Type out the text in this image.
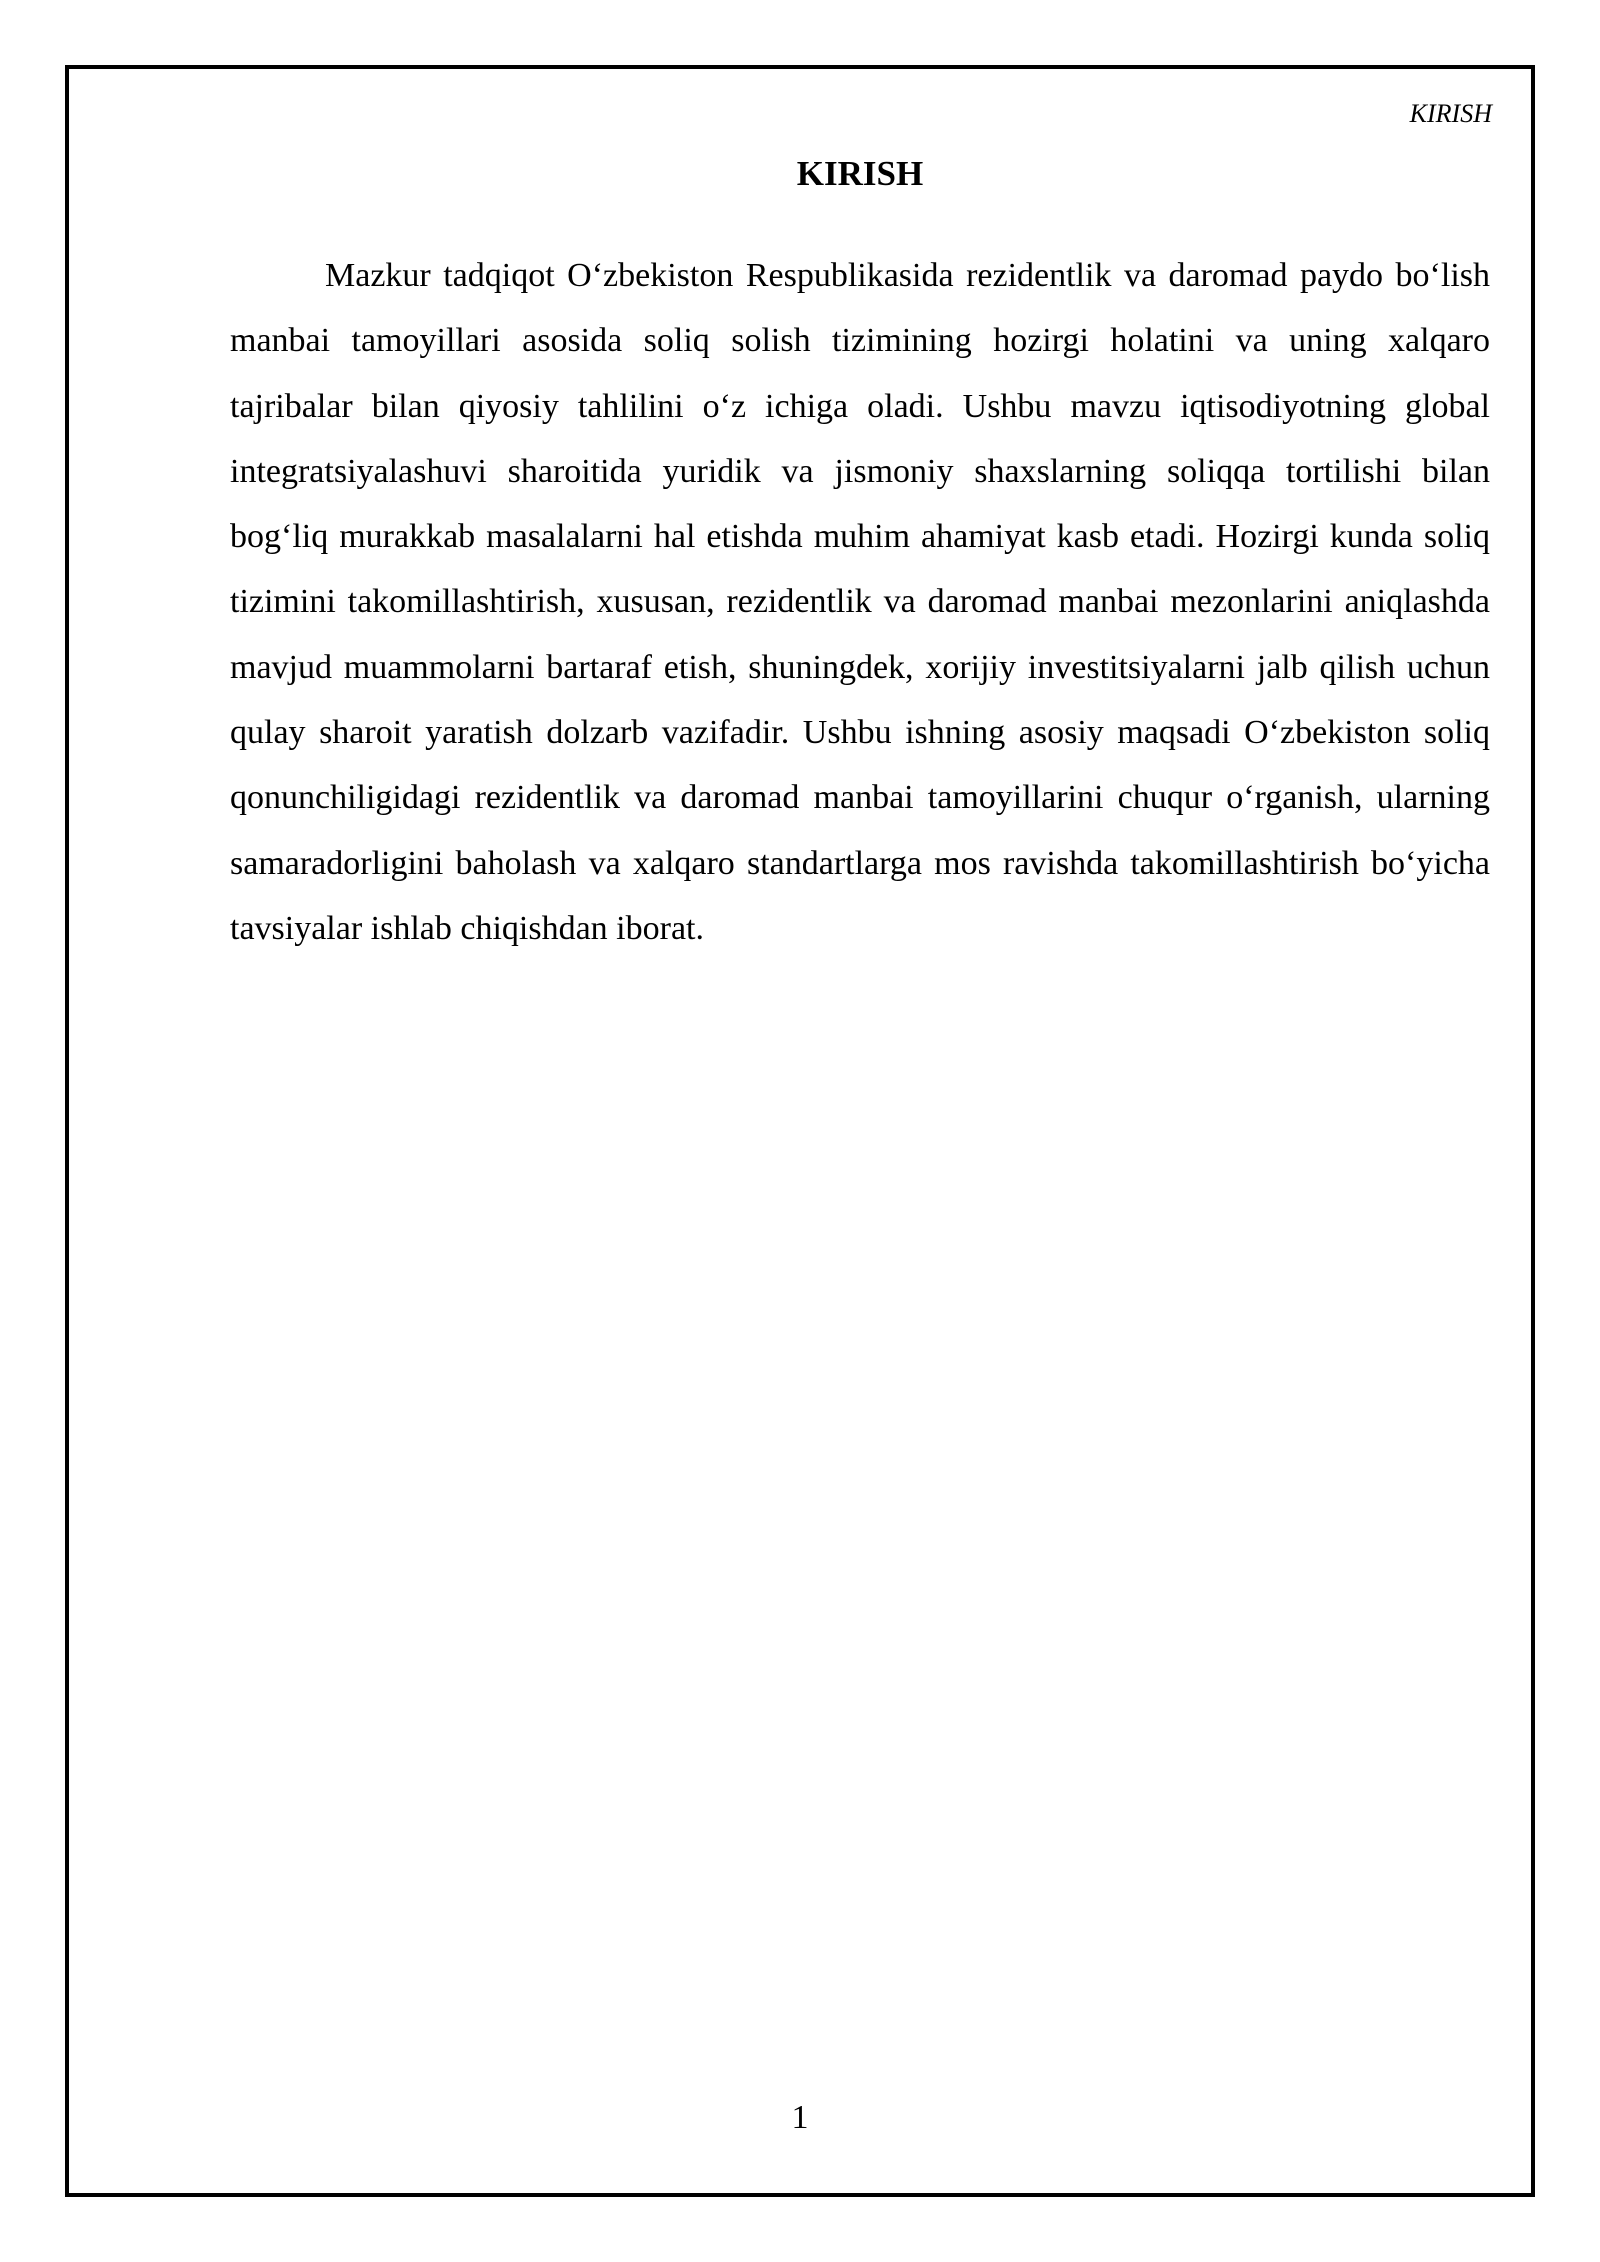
KIRISH
KIRISH

Mazkur tadqiqot O‘zbekiston Respublikasida rezidentlik va daromad paydo bo‘lish manbai tamoyillari asosida soliq solish tizimining hozirgi holatini va uning xalqaro tajribalar bilan qiyosiy tahlilini o‘z ichiga oladi. Ushbu mavzu iqtisodiyotning global integratsiyalashuvi sharoitida yuridik va jismoniy shaxslarning soliqqa tortilishi bilan bog‘liq murakkab masalalarni hal etishda muhim ahamiyat kasb etadi. Hozirgi kunda soliq tizimini takomillashtirish, xususan, rezidentlik va daromad manbai mezonlarini aniqlashda mavjud muammolarni bartaraf etish, shuningdek, xorijiy investitsiyalarni jalb qilish uchun qulay sharoit yaratish dolzarb vazifadir. Ushbu ishning asosiy maqsadi O‘zbekiston soliq qonunchiligidagi rezidentlik va daromad manbai tamoyillarini chuqur o‘rganish, ularning samaradorligini baholash va xalqaro standartlarga mos ravishda takomillashtirish bo‘yicha tavsiyalar ishlab chiqishdan iborat.

1
